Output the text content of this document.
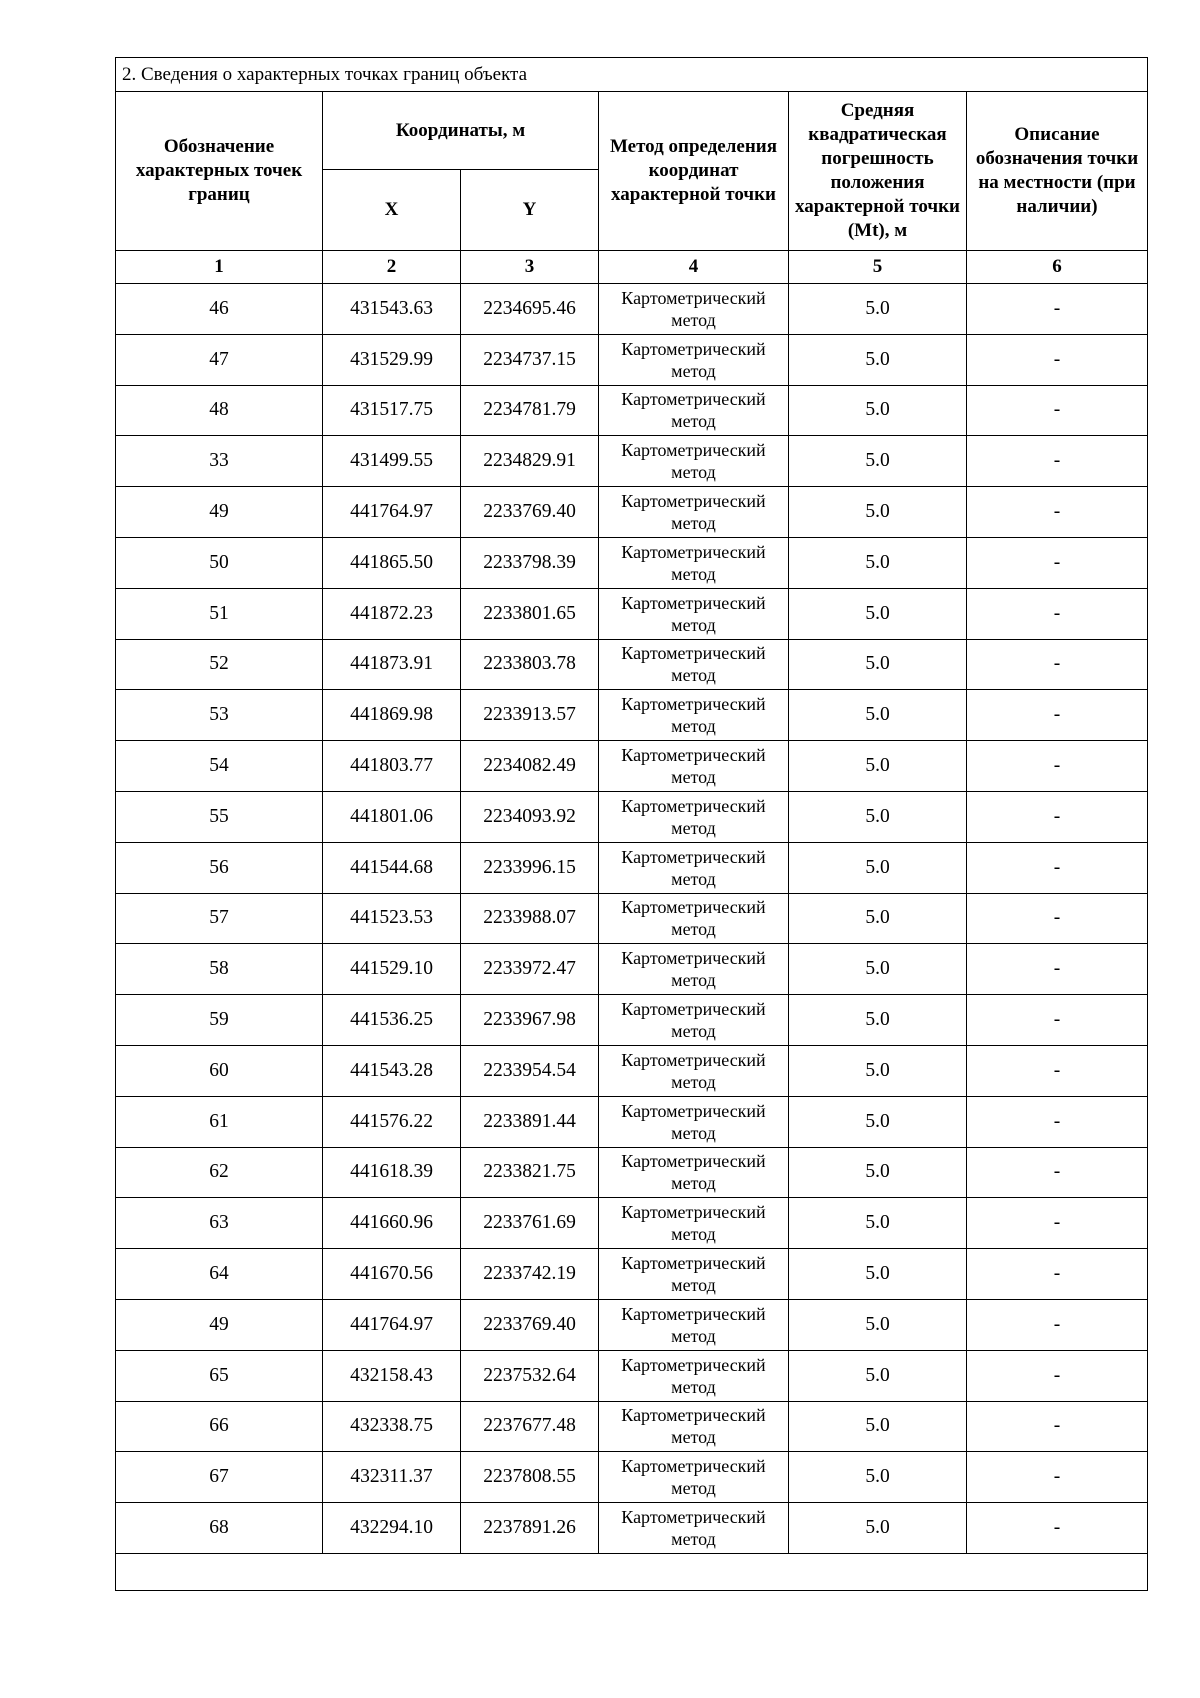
2. Сведения о характерных точках границ объекта					
Обозначение характерных точек границ	Координаты, м		Метод определения координат характерной точки	Средняя квадратическая погрешность положения характерной точки (Mt), м	Описание обозначения точки на местности (при наличии)
	X	Y			
1	2	3	4	5	6
46	431543.63	2234695.46	Картометрический метод	5.0	-
47	431529.99	2234737.15	Картометрический метод	5.0	-
48	431517.75	2234781.79	Картометрический метод	5.0	-
33	431499.55	2234829.91	Картометрический метод	5.0	-
49	441764.97	2233769.40	Картометрический метод	5.0	-
50	441865.50	2233798.39	Картометрический метод	5.0	-
51	441872.23	2233801.65	Картометрический метод	5.0	-
52	441873.91	2233803.78	Картометрический метод	5.0	-
53	441869.98	2233913.57	Картометрический метод	5.0	-
54	441803.77	2234082.49	Картометрический метод	5.0	-
55	441801.06	2234093.92	Картометрический метод	5.0	-
56	441544.68	2233996.15	Картометрический метод	5.0	-
57	441523.53	2233988.07	Картометрический метод	5.0	-
58	441529.10	2233972.47	Картометрический метод	5.0	-
59	441536.25	2233967.98	Картометрический метод	5.0	-
60	441543.28	2233954.54	Картометрический метод	5.0	-
61	441576.22	2233891.44	Картометрический метод	5.0	-
62	441618.39	2233821.75	Картометрический метод	5.0	-
63	441660.96	2233761.69	Картометрический метод	5.0	-
64	441670.56	2233742.19	Картометрический метод	5.0	-
49	441764.97	2233769.40	Картометрический метод	5.0	-
65	432158.43	2237532.64	Картометрический метод	5.0	-
66	432338.75	2237677.48	Картометрический метод	5.0	-
67	432311.37	2237808.55	Картометрический метод	5.0	-
68	432294.10	2237891.26	Картометрический метод	5.0	-
